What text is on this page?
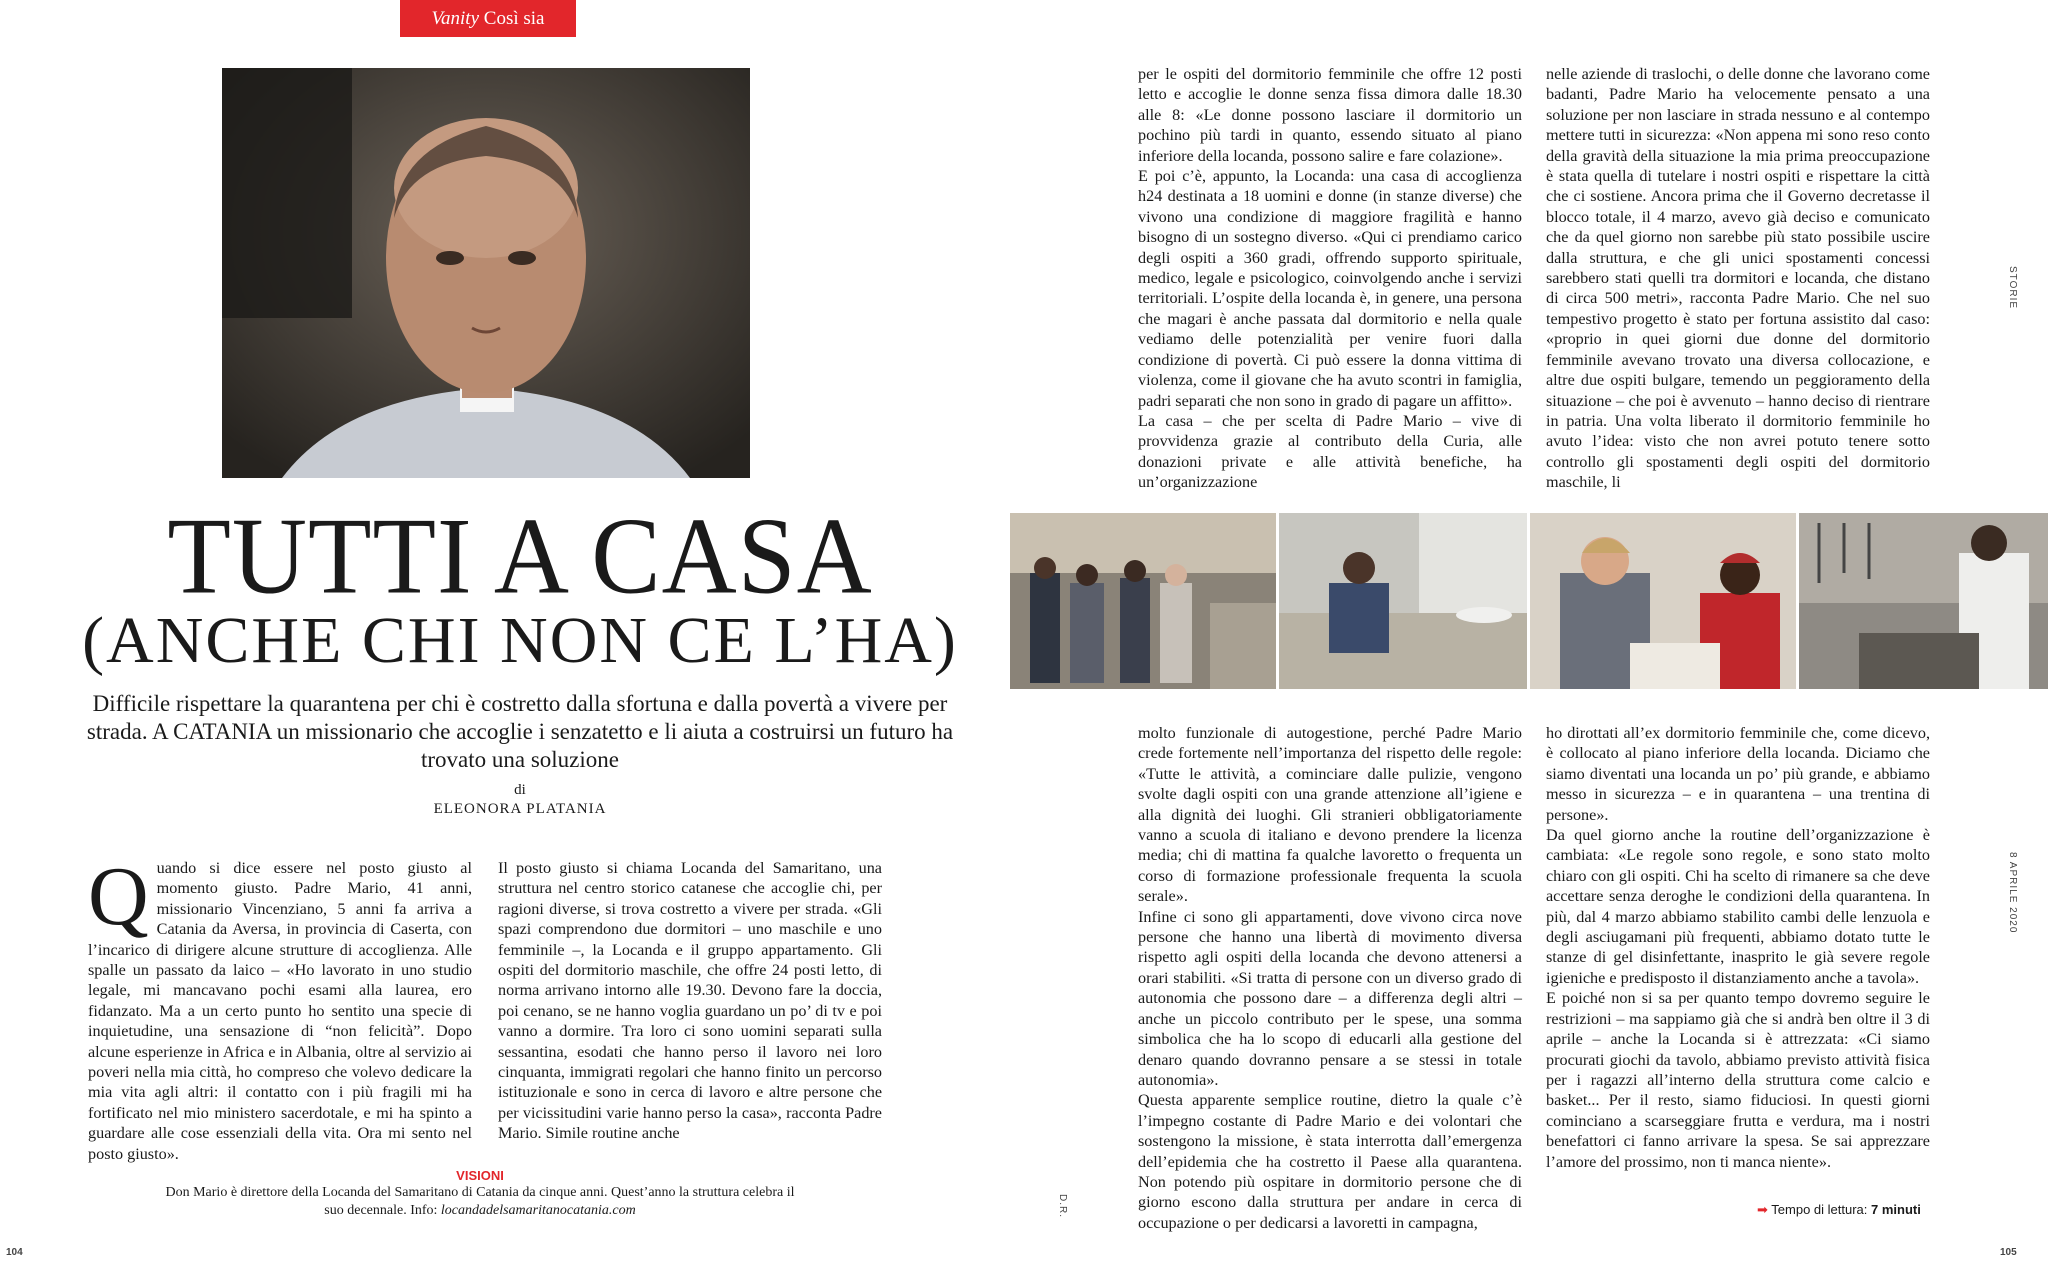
Vanity Così sia
TUTTI A CASA
(ANCHE CHI NON CE L’HA)
Difficile rispettare la quarantena per chi è costretto dalla sfortuna e dalla povertà a vivere per strada. A CATANIA un missionario che accoglie i senzatetto e li aiuta a costruirsi un futuro ha trovato una soluzione
di
ELEONORA PLATANIA
Q uando si dice essere nel posto giusto al momento giusto. Padre Mario, 41 anni, missionario Vincenziano, 5 anni fa arriva a Catania da Aversa, in provincia di Caserta, con l’incarico di dirigere alcune strutture di accoglienza. Alle spalle un passato da laico – «Ho lavorato in uno studio legale, mi mancavano pochi esami alla laurea, ero fidanzato. Ma a un certo punto ho sentito una specie di inquietudine, una sensazione di “non felicità”. Dopo alcune esperienze in Africa e in Albania, oltre al servizio ai poveri nella mia città, ho compreso che volevo dedicare la mia vita agli altri: il contatto con i più fragili mi ha fortificato nel mio ministero sacerdotale, e mi ha spinto a guardare alle cose essenziali della vita. Ora mi sento nel posto giusto».
Il posto giusto si chiama Locanda del Samaritano, una struttura nel centro storico catanese che accoglie chi, per ragioni diverse, si trova costretto a vivere per strada. «Gli spazi comprendono due dormitori – uno maschile e uno femminile –, la Locanda e il gruppo appartamento. Gli ospiti del dormitorio maschile, che offre 24 posti letto, di norma arrivano intorno alle 19.30. Devono fare la doccia, poi cenano, se ne hanno voglia guardano un po’ di tv e poi vanno a dormire. Tra loro ci sono uomini separati sulla sessantina, esodati che hanno perso il lavoro nei loro cinquanta, immigrati regolari che hanno finito un percorso istituzionale e sono in cerca di lavoro e altre persone che per vicissitudini varie hanno perso la casa», racconta Padre Mario. Simile routine anche
VISIONI
Don Mario è direttore della Locanda del Samaritano di Catania da cinque anni. Quest’anno la struttura celebra il suo decennale. Info: locandadelsamaritanocatania.com
104

per le ospiti del dormitorio femminile che offre 12 posti letto e accoglie le donne senza fissa dimora dalle 18.30 alle 8: «Le donne possono lasciare il dormitorio un pochino più tardi in quanto, essendo situato al piano inferiore della locanda, possono salire e fare colazione».

E poi c’è, appunto, la Locanda: una casa di accoglienza h24 destinata a 18 uomini e donne (in stanze diverse) che vivono una condizione di maggiore fragilità e hanno bisogno di un sostegno diverso. «Qui ci prendiamo carico degli ospiti a 360 gradi, offrendo supporto spirituale, medico, legale e psicologico, coinvolgendo anche i servizi territoriali. L’ospite della locanda è, in genere, una persona che magari è anche passata dal dormitorio e nella quale vediamo delle potenzialità per venire fuori dalla condizione di povertà. Ci può essere la donna vittima di violenza, come il giovane che ha avuto scontri in famiglia, padri separati che non sono in grado di pagare un affitto».

La casa – che per scelta di Padre Mario – vive di provvidenza grazie al contributo della Curia, alle donazioni private e alle attività benefiche, ha un’organizzazione

nelle aziende di traslochi, o delle donne che lavorano come badanti, Padre Mario ha velocemente pensato a una soluzione per non lasciare in strada nessuno e al contempo mettere tutti in sicurezza: «Non appena mi sono reso conto della gravità della situazione la mia prima preoccupazione è stata quella di tutelare i nostri ospiti e rispettare la città che ci sostiene. Ancora prima che il Governo decretasse il blocco totale, il 4 marzo, avevo già deciso e comunicato che da quel giorno non sarebbe più stato possibile uscire dalla struttura, e che gli unici spostamenti concessi sarebbero stati quelli tra dormitori e locanda, che distano di circa 500 metri», racconta Padre Mario. Che nel suo tempestivo progetto è stato per fortuna assistito dal caso: «proprio in quei giorni due donne del dormitorio femminile avevano trovato una diversa collocazione, e altre due ospiti bulgare, temendo un peggioramento della situazione – che poi è avvenuto – hanno deciso di rientrare in patria. Una volta liberato il dormitorio femminile ho avuto l’idea: visto che non avrei potuto tenere sotto controllo gli spostamenti degli ospiti del dormitorio maschile, li

molto funzionale di autogestione, perché Padre Mario crede fortemente nell’importanza del rispetto delle regole: «Tutte le attività, a cominciare dalle pulizie, vengono svolte dagli ospiti con una grande attenzione all’igiene e alla dignità dei luoghi. Gli stranieri obbligatoriamente vanno a scuola di italiano e devono prendere la licenza media; chi di mattina fa qualche lavoretto o frequenta un corso di formazione professionale frequenta la scuola serale».

Infine ci sono gli appartamenti, dove vivono circa nove persone che hanno una libertà di movimento diversa rispetto agli ospiti della locanda che devono attenersi a orari stabiliti. «Si tratta di persone con un diverso grado di autonomia che possono dare – a differenza degli altri – anche un piccolo contributo per le spese, una somma simbolica che ha lo scopo di educarli alla gestione del denaro quando dovranno pensare a se stessi in totale autonomia».

Questa apparente semplice routine, dietro la quale c’è l’impegno costante di Padre Mario e dei volontari che sostengono la missione, è stata interrotta dall’emergenza dell’epidemia che ha costretto il Paese alla quarantena. Non potendo più ospitare in dormitorio persone che di giorno escono dalla struttura per andare in cerca di occupazione o per dedicarsi a lavoretti in campagna,

ho dirottati all’ex dormitorio femminile che, come dicevo, è collocato al piano inferiore della locanda. Diciamo che siamo diventati una locanda un po’ più grande, e abbiamo messo in sicurezza – e in quarantena – una trentina di persone».

Da quel giorno anche la routine dell’organizzazione è cambiata: «Le regole sono regole, e sono stato molto chiaro con gli ospiti. Chi ha scelto di rimanere sa che deve accettare senza deroghe le condizioni della quarantena. In più, dal 4 marzo abbiamo stabilito cambi delle lenzuola e degli asciugamani più frequenti, abbiamo dotato tutte le stanze di gel disinfettante, inasprito le già severe regole igieniche e predisposto il distanziamento anche a tavola».

E poiché non si sa per quanto tempo dovremo seguire le restrizioni – ma sappiamo già che si andrà ben oltre il 3 di aprile – anche la Locanda si è attrezzata: «Ci siamo procurati giochi da tavolo, abbiamo previsto attività fisica per i ragazzi all’interno della struttura come calcio e basket... Per il resto, siamo fiduciosi. In questi giorni cominciano a scarseggiare frutta e verdura, ma i nostri benefattori ci fanno arrivare la spesa. Se sai apprezzare l’amore del prossimo, non ti manca niente».

➡ Tempo di lettura: 7 minuti
D.R.
STORIE
8 APRILE 2020
105
